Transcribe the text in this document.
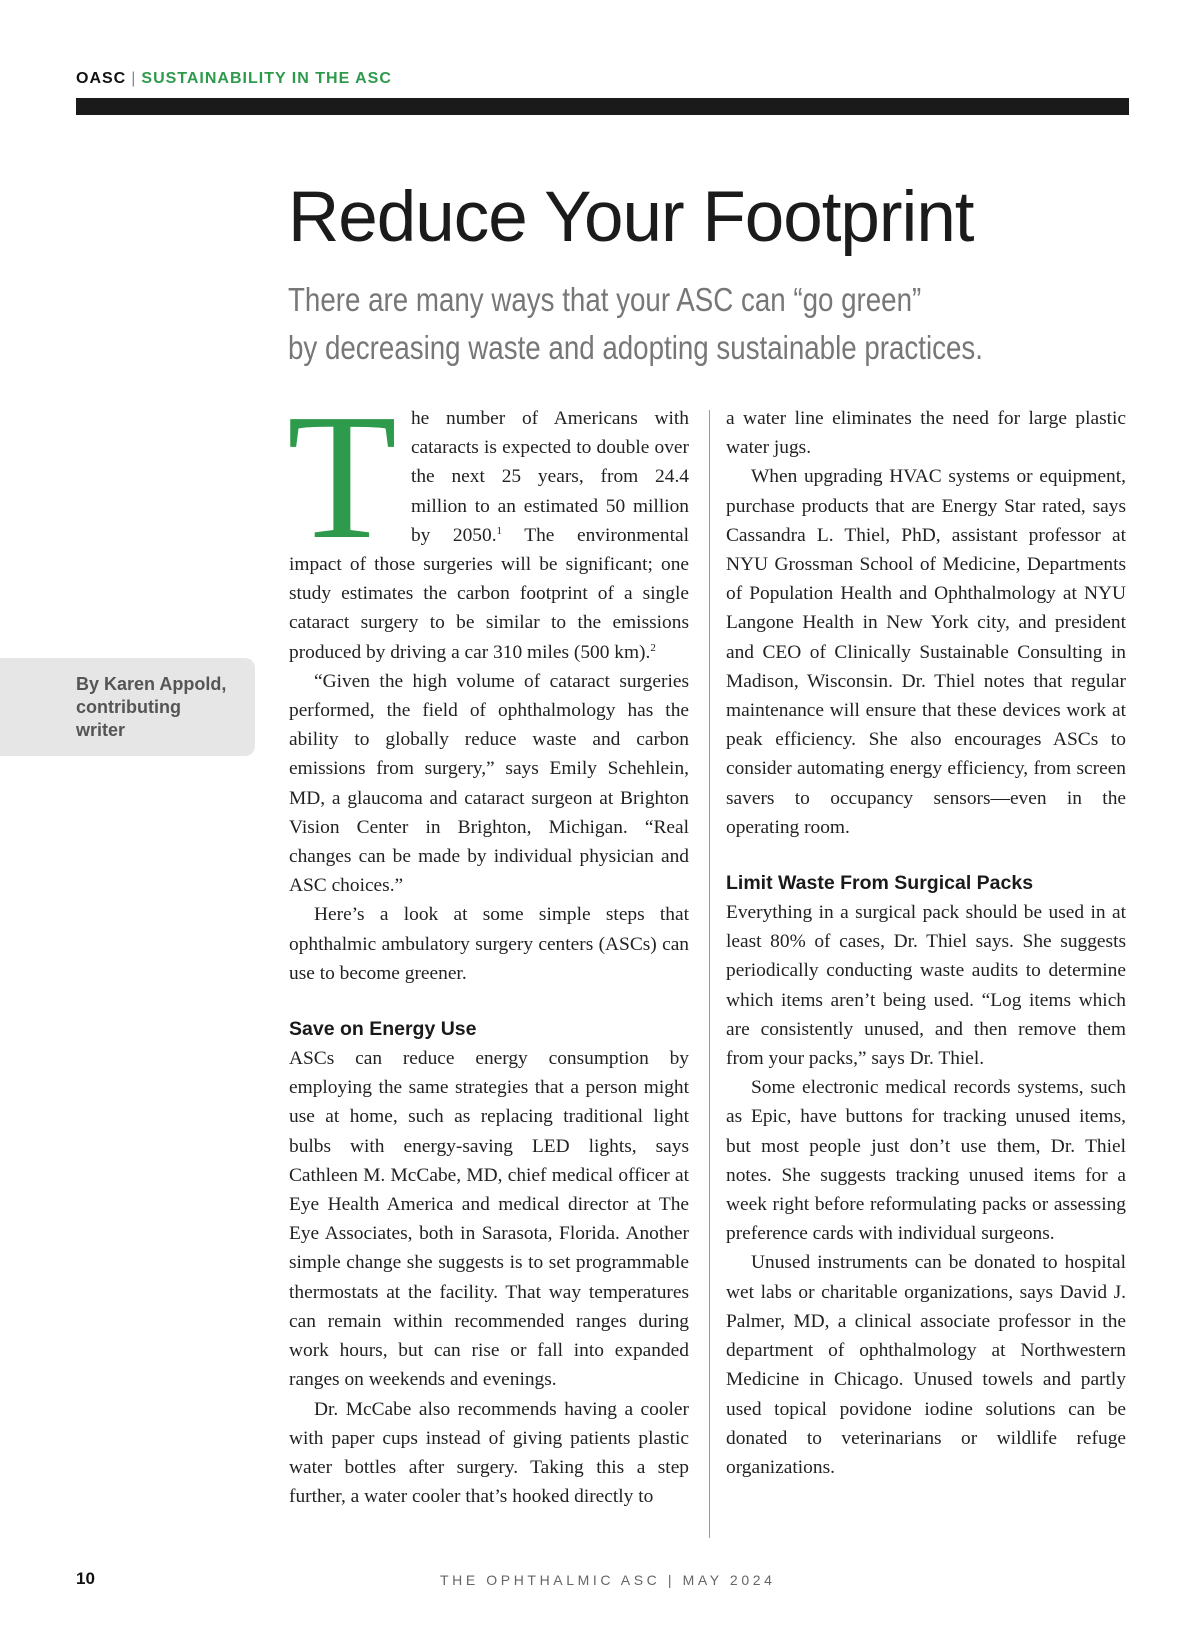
OASC | SUSTAINABILITY IN THE ASC
Reduce Your Footprint
There are many ways that your ASC can “go green”
by decreasing waste and adopting sustainable practices.
By Karen Appold,
contributing
writer

The number of Americans with cataracts is expected to double over the next 25 years, from 24.4 million to an estimated 50 million by 2050.$^1$ The environmental impact of those surgeries will be significant; one study estimates the carbon footprint of a single cataract surgery to be similar to the emissions produced by driving a car 310 miles (500 km).$^2$

“Given the high volume of cataract surgeries performed, the field of ophthalmology has the ability to globally reduce waste and carbon emissions from surgery,” says Emily Schehlein, MD, a glaucoma and cataract surgeon at Brighton Vision Center in Brighton, Michigan. “Real changes can be made by individual physician and ASC choices.”

Here’s a look at some simple steps that ophthalmic ambulatory surgery centers (ASCs) can use to become greener.

Save on Energy Use

ASCs can reduce energy consumption by employing the same strategies that a person might use at home, such as replacing traditional light bulbs with energy-saving LED lights, says Cathleen M. McCabe, MD, chief medical officer at Eye Health America and medical director at The Eye Associates, both in Sarasota, Florida. Another simple change she suggests is to set programmable thermostats at the facility. That way temperatures can remain within recommended ranges during work hours, but can rise or fall into expanded ranges on weekends and evenings.

Dr. McCabe also recommends having a cooler with paper cups instead of giving patients plastic water bottles after surgery. Taking this a step further, a water cooler that’s hooked directly to

a water line eliminates the need for large plastic water jugs.

When upgrading HVAC systems or equipment, purchase products that are Energy Star rated, says Cassandra L. Thiel, PhD, assistant professor at NYU Grossman School of Medicine, Departments of Population Health and Ophthalmology at NYU Langone Health in New York city, and president and CEO of Clinically Sustainable Consulting in Madison, Wisconsin. Dr. Thiel notes that regular maintenance will ensure that these devices work at peak efficiency. She also encourages ASCs to consider automating energy efficiency, from screen savers to occupancy sensors—even in the operating room.

Limit Waste From Surgical Packs

Everything in a surgical pack should be used in at least 80% of cases, Dr. Thiel says. She suggests periodically conducting waste audits to determine which items aren’t being used. “Log items which are consistently unused, and then remove them from your packs,” says Dr. Thiel.

Some electronic medical records systems, such as Epic, have buttons for tracking unused items, but most people just don’t use them, Dr. Thiel notes. She suggests tracking unused items for a week right before reformulating packs or assessing preference cards with individual surgeons.

Unused instruments can be donated to hospital wet labs or charitable organizations, says David J. Palmer, MD, a clinical associate professor in the department of ophthalmology at Northwestern Medicine in Chicago. Unused towels and partly used topical povidone iodine solutions can be donated to veterinarians or wildlife refuge organizations.

10	THE OPHTHALMIC ASC | MAY 2024
